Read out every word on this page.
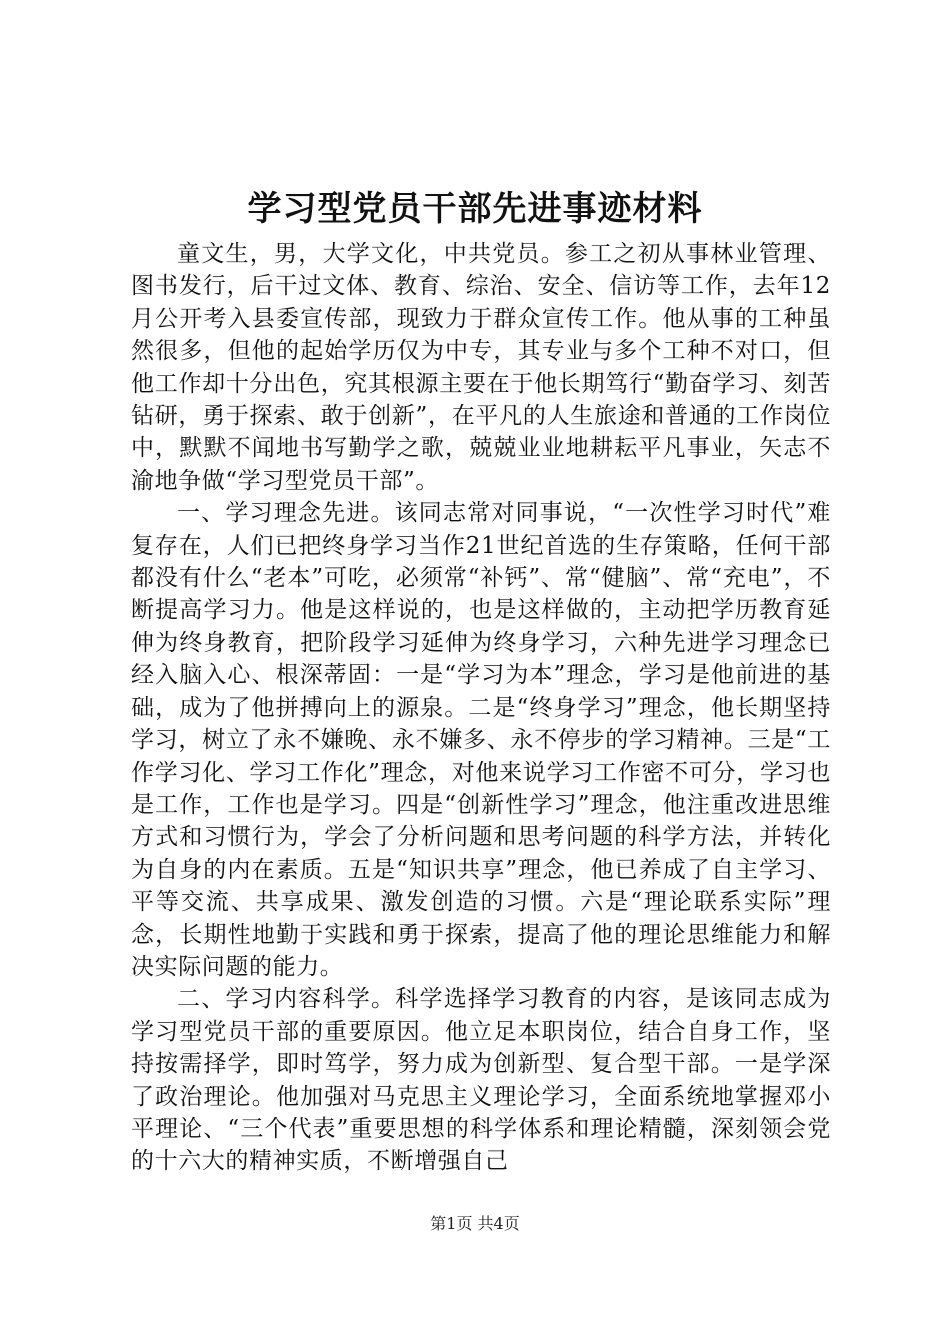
学习型党员干部先进事迹材料

童文生，男，大学文化，中共党员。参工之初从事林业管理、图书发行，后干过文体、教育、综治、安全、信访等工作，去年12月公开考入县委宣传部，现致力于群众宣传工作。他从事的工种虽然很多，但他的起始学历仅为中专，其专业与多个工种不对口，但他工作却十分出色，究其根源主要在于他长期笃行“勤奋学习、刻苦钻研，勇于探索、敢于创新”，在平凡的人生旅途和普通的工作岗位中，默默不闻地书写勤学之歌，兢兢业业地耕耘平凡事业，矢志不渝地争做“学习型党员干部”。

一、学习理念先进。该同志常对同事说，“一次性学习时代”难复存在，人们已把终身学习当作21世纪首选的生存策略，任何干部都没有什么“老本”可吃，必须常“补钙”、常“健脑”、常“充电”，不断提高学习力。他是这样说的，也是这样做的，主动把学历教育延伸为终身教育，把阶段学习延伸为终身学习，六种先进学习理念已经入脑入心、根深蒂固：一是“学习为本”理念，学习是他前进的基础，成为了他拼搏向上的源泉。二是“终身学习”理念，他长期坚持学习，树立了永不嫌晚、永不嫌多、永不停步的学习精神。三是“工作学习化、学习工作化”理念，对他来说学习工作密不可分，学习也是工作，工作也是学习。四是“创新性学习”理念，他注重改进思维方式和习惯行为，学会了分析问题和思考问题的科学方法，并转化为自身的内在素质。五是“知识共享”理念，他已养成了自主学习、平等交流、共享成果、激发创造的习惯。六是“理论联系实际”理念，长期性地勤于实践和勇于探索，提高了他的理论思维能力和解决实际问题的能力。

二、学习内容科学。科学选择学习教育的内容，是该同志成为学习型党员干部的重要原因。他立足本职岗位，结合自身工作，坚持按需择学，即时笃学，努力成为创新型、复合型干部。一是学深了政治理论。他加强对马克思主义理论学习，全面系统地掌握邓小平理论、“三个代表”重要思想的科学体系和理论精髓，深刻领会党的十六大的精神实质，不断增强自己

第1页 共4页
